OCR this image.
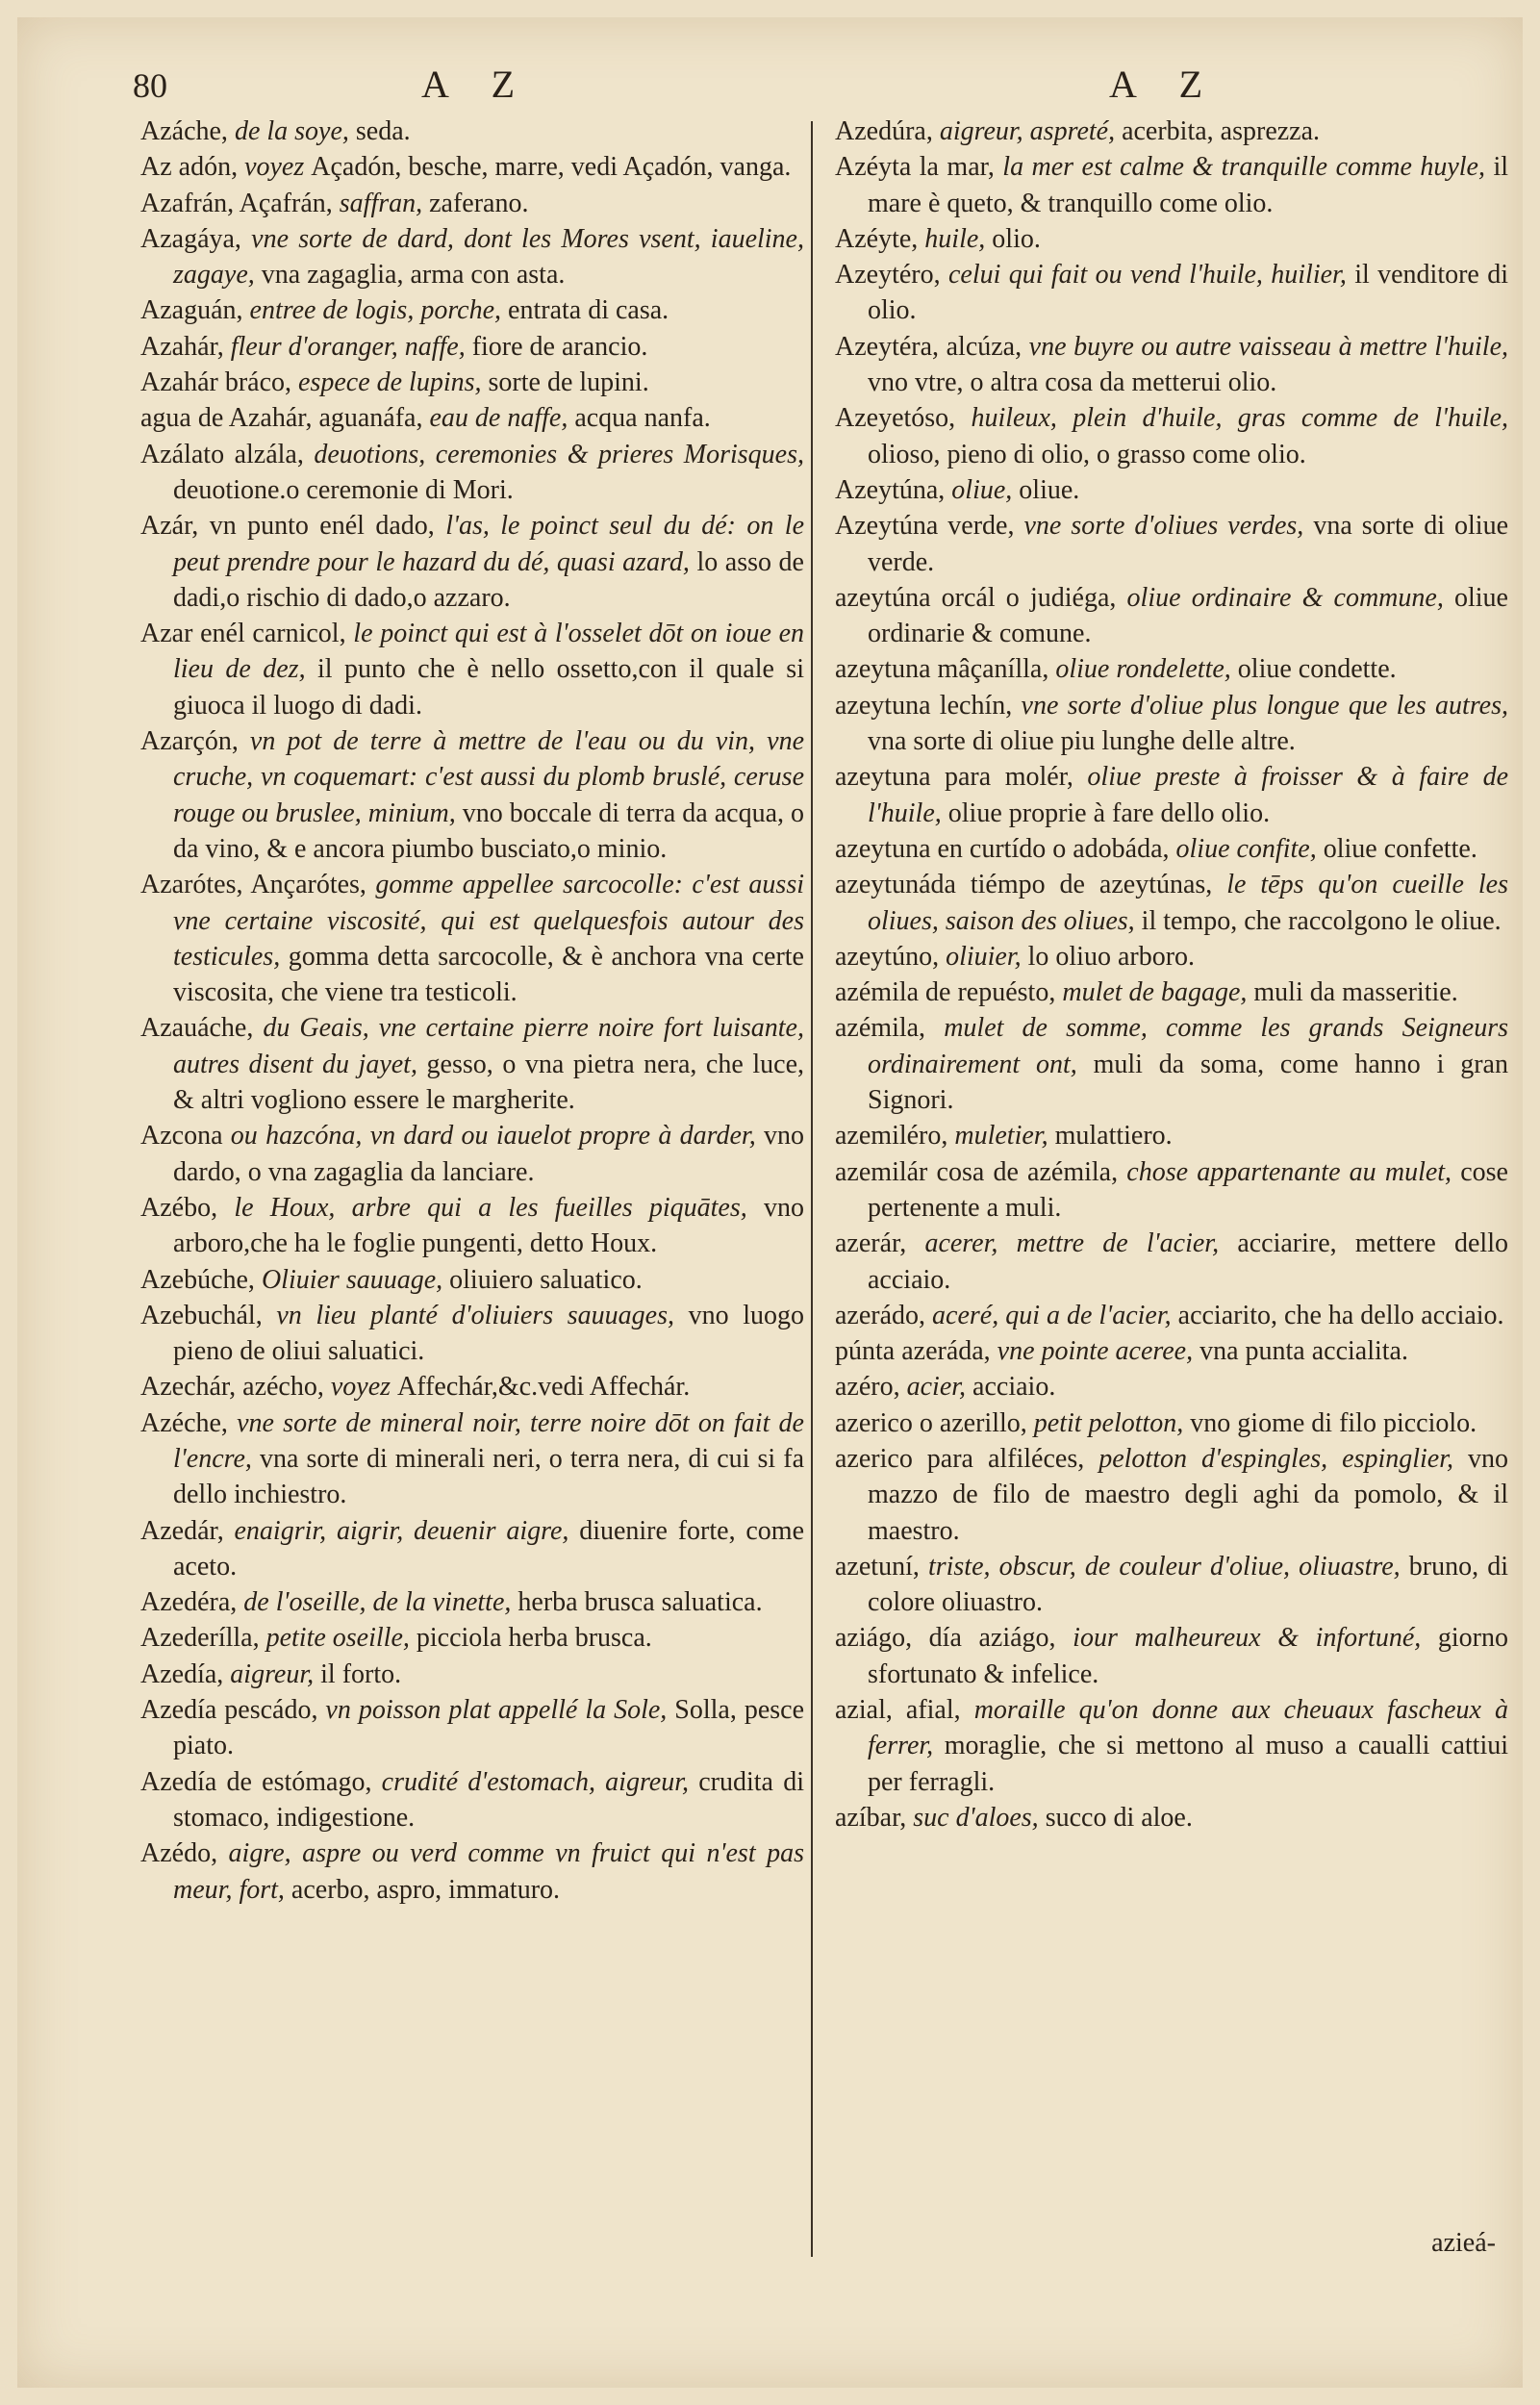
80	A Z	A Z

Azáche, de la soye, seda.

Az adón, voyez Açadón, besche, marre, vedi Açadón, vanga.

Azafrán, Açafrán, saffran, zaferano.

Azagáya, vne sorte de dard, dont les Mores vsent, iaueline, zagaye, vna zagaglia, arma con asta.

Azaguán, entree de logis, porche, entrata di casa.

Azahár, fleur d'oranger, naffe, fiore de arancio.

Azahár bráco, espece de lupins, sorte de lupini.

agua de Azahár, aguanáfa, eau de naffe, acqua nanfa.

Azálato alzála, deuotions, ceremonies & prieres Morisques, deuotione.o ceremonie di Mori.

Azár, vn punto enél dado, l'as, le poinct seul du dé: on le peut prendre pour le hazard du dé, quasi azard, lo asso de dadi,o rischio di dado,o azzaro.

Azar enél carnicol, le poinct qui est à l'osselet dōt on ioue en lieu de dez, il punto che è nello ossetto,con il quale si giuoca il luogo di dadi.

Azarçón, vn pot de terre à mettre de l'eau ou du vin, vne cruche, vn coquemart: c'est aussi du plomb bruslé, ceruse rouge ou bruslee, minium, vno boccale di terra da acqua, o da vino, & e ancora piumbo busciato,o minio.

Azarótes, Ançarótes, gomme appellee sarcocolle: c'est aussi vne certaine viscosité, qui est quelquesfois autour des testicules, gomma detta sarcocolle, & è anchora vna certe viscosita, che viene tra testicoli.

Azauáche, du Geais, vne certaine pierre noire fort luisante, autres disent du jayet, gesso, o vna pietra nera, che luce, & altri vogliono essere le margherite.

Azcona ou hazcóna, vn dard ou iauelot propre à darder, vno dardo, o vna zagaglia da lanciare.

Azébo, le Houx, arbre qui a les fueilles piquātes, vno arboro,che ha le foglie pungenti, detto Houx.

Azebúche, Oliuier sauuage, oliuiero saluatico.

Azebuchál, vn lieu planté d'oliuiers sauuages, vno luogo pieno de oliui saluatici.

Azechár, azécho, voyez Affechár,&c.vedi Affechár.

Azéche, vne sorte de mineral noir, terre noire dōt on fait de l'encre, vna sorte di minerali neri, o terra nera, di cui si fa dello inchiestro.

Azedár, enaigrir, aigrir, deuenir aigre, diuenire forte, come aceto.

Azedéra, de l'oseille, de la vinette, herba brusca saluatica.

Azederílla, petite oseille, picciola herba brusca.

Azedía, aigreur, il forto.

Azedía pescádo, vn poisson plat appellé la Sole, Solla, pesce piato.

Azedía de estómago, crudité d'estomach, aigreur, crudita di stomaco, indigestione.

Azédo, aigre, aspre ou verd comme vn fruict qui n'est pas meur, fort, acerbo, aspro, immaturo.

Azedúra, aigreur, aspreté, acerbita, asprezza.

Azéyta la mar, la mer est calme & tranquille comme huyle, il mare è queto, & tranquillo come olio.

Azéyte, huile, olio.

Azeytéro, celui qui fait ou vend l'huile, huilier, il venditore di olio.

Azeytéra, alcúza, vne buyre ou autre vaisseau à mettre l'huile, vno vtre, o altra cosa da metterui olio.

Azeyetóso, huileux, plein d'huile, gras comme de l'huile, olioso, pieno di olio, o grasso come olio.

Azeytúna, oliue, oliue.

Azeytúna verde, vne sorte d'oliues verdes, vna sorte di oliue verde.

azeytúna orcál o judiéga, oliue ordinaire & commune, oliue ordinarie & comune.

azeytuna mâçanílla, oliue rondelette, oliue condette.

azeytuna lechín, vne sorte d'oliue plus longue que les autres, vna sorte di oliue piu lunghe delle altre.

azeytuna para molér, oliue preste à froisser & à faire de l'huile, oliue proprie à fare dello olio.

azeytuna en curtído o adobáda, oliue confite, oliue confette.

azeytunáda tiémpo de azeytúnas, le tēps qu'on cueille les oliues, saison des oliues, il tempo, che raccolgono le oliue.

azeytúno, oliuier, lo oliuo arboro.

azémila de repuésto, mulet de bagage, muli da masseritie.

azémila, mulet de somme, comme les grands Seigneurs ordinairement ont, muli da soma, come hanno i gran Signori.

azemiléro, muletier, mulattiero.

azemilár cosa de azémila, chose appartenante au mulet, cose pertenente a muli.

azerár, acerer, mettre de l'acier, acciarire, mettere dello acciaio.

azerádo, aceré, qui a de l'acier, acciarito, che ha dello acciaio.

púnta azeráda, vne pointe aceree, vna punta accialita.

azéro, acier, acciaio.

azerico o azerillo, petit pelotton, vno giome di filo picciolo.

azerico para alfiléces, pelotton d'espingles, espinglier, vno mazzo de filo de maestro degli aghi da pomolo, & il maestro.

azetuní, triste, obscur, de couleur d'oliue, oliuastre, bruno, di colore oliuastro.

aziágo, día aziágo, iour malheureux & infortuné, giorno sfortunato & infelice.

azial, afial, moraille qu'on donne aux cheuaux fascheux à ferrer, moraglie, che si mettono al muso a caualli cattiui per ferragli.

azíbar, suc d'aloes, succo di aloe.

azieá-
